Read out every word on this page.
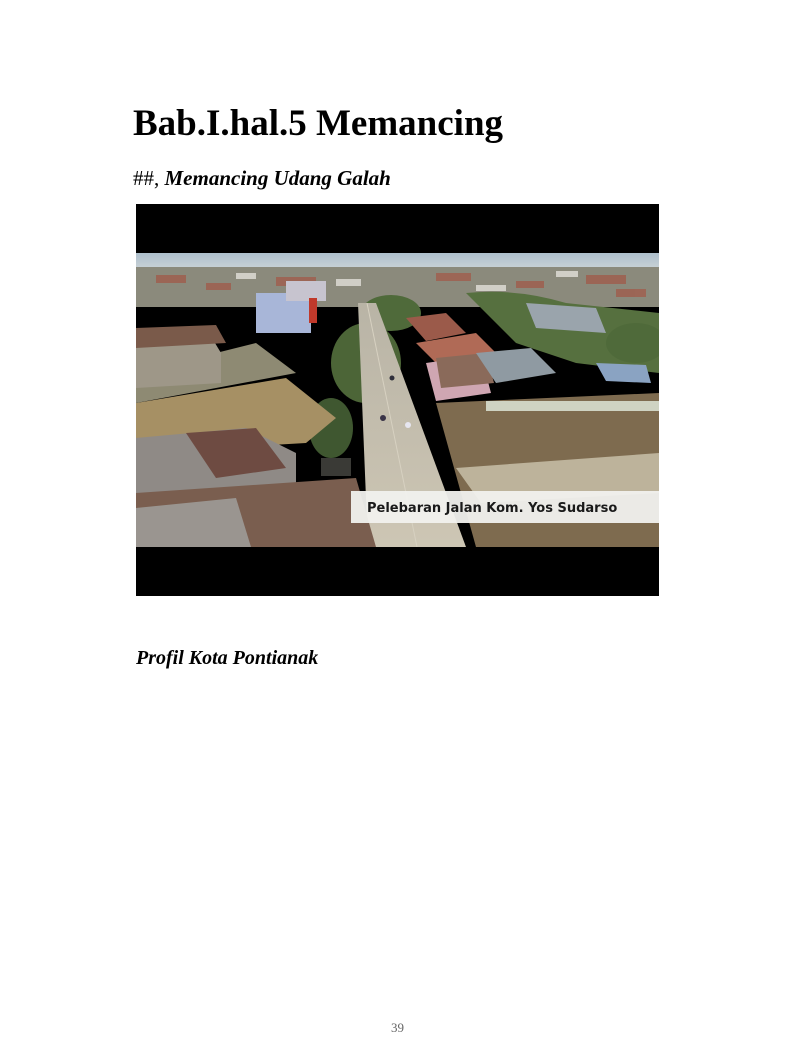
Bab.I.hal.5 Memancing

##, Memancing Udang Galah

Pelebaran Jalan Kom. Yos Sudarso

Profil Kota Pontianak

39
